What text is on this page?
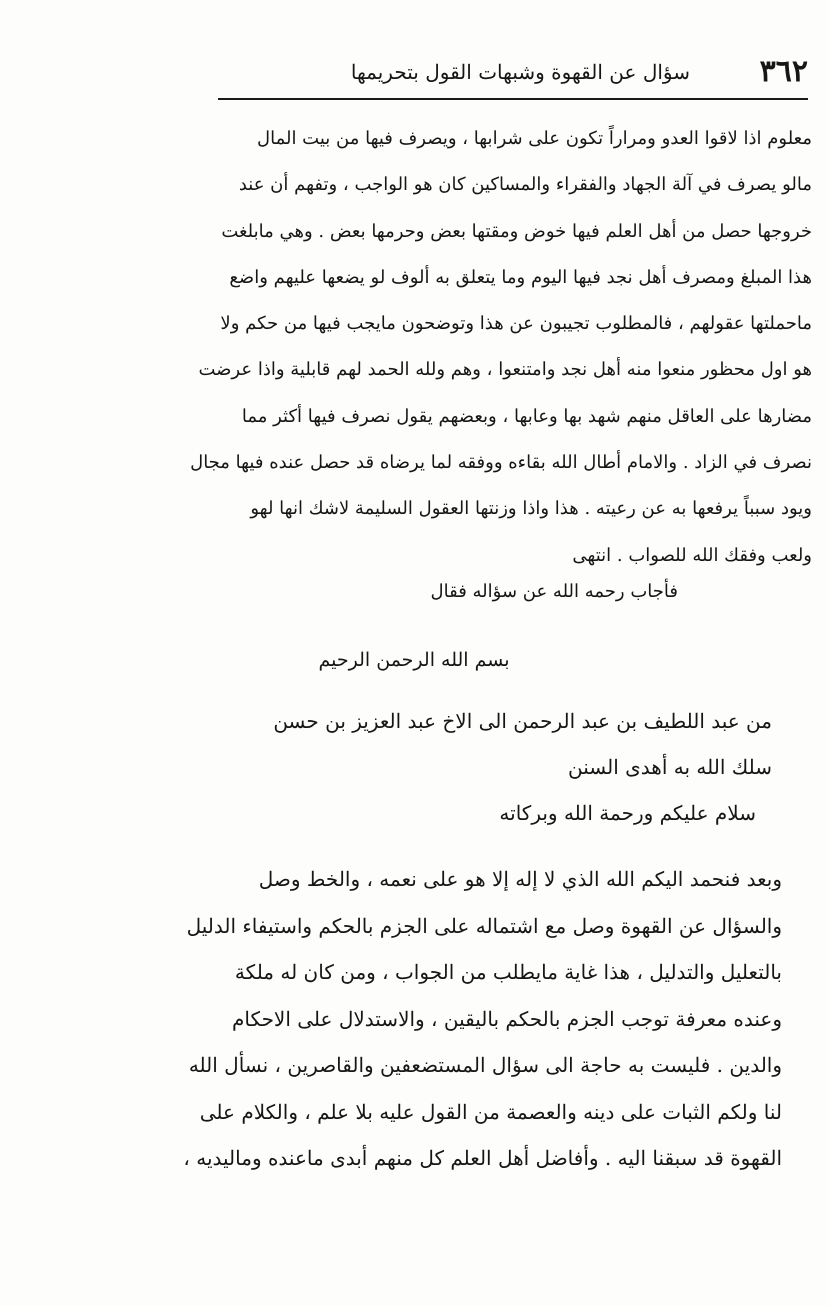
٣٦٢
سؤال عن القهوة وشبهات القول بتحريمها
معلوم اذا لاقوا العدو ومراراً تكون على شرابها ، ويصرف فيها من بيت المال
مالو يصرف في آلة الجهاد والفقراء والمساكين كان هو الواجب ، وتفهم أن عند
خروجها حصل من أهل العلم فيها خوض ومقتها بعض وحرمها بعض . وهي مابلغت
هذا المبلغ ومصرف أهل نجد فيها اليوم وما يتعلق به ألوف لو يضعها عليهم واضع
ماحملتها عقولهم ، فالمطلوب تجيبون عن هذا وتوضحون مايجب فيها من حكم ولا
هو اول محظور منعوا منه أهل نجد وامتنعوا ، وهم ولله الحمد لهم قابلية واذا عرضت
مضارها على العاقل منهم شهد بها وعابها ، وبعضهم يقول نصرف فيها أكثر مما
نصرف في الزاد . والامام أطال الله بقاءه ووفقه لما يرضاه قد حصل عنده فيها مجال
ويود سبباً يرفعها به عن رعيته . هذا واذا وزنتها العقول السليمة لاشك انها لهو
ولعب وفقك الله للصواب . انتهى
فأجاب رحمه الله عن سؤاله فقال
بسم الله الرحمن الرحيم
من عبد اللطيف بن عبد الرحمن الى الاخ عبد العزيز بن حسن
سلك الله به أهدى السنن
سلام عليكم ورحمة الله وبركاته
وبعد فنحمد اليكم الله الذي لا إله إلا هو على نعمه ، والخط وصل
والسؤال عن القهوة وصل مع اشتماله على الجزم بالحكم واستيفاء الدليل
بالتعليل والتدليل ، هذا غاية مايطلب من الجواب ، ومن كان له ملكة
وعنده معرفة توجب الجزم بالحكم باليقين ، والاستدلال على الاحكام
والدين . فليست به حاجة الى سؤال المستضعفين والقاصرين ، نسأل الله
لنا ولكم الثبات على دينه والعصمة من القول عليه بلا علم ، والكلام على
القهوة قد سبقنا اليه . وأفاضل أهل العلم كل منهم أبدى ماعنده وماليديه ،
